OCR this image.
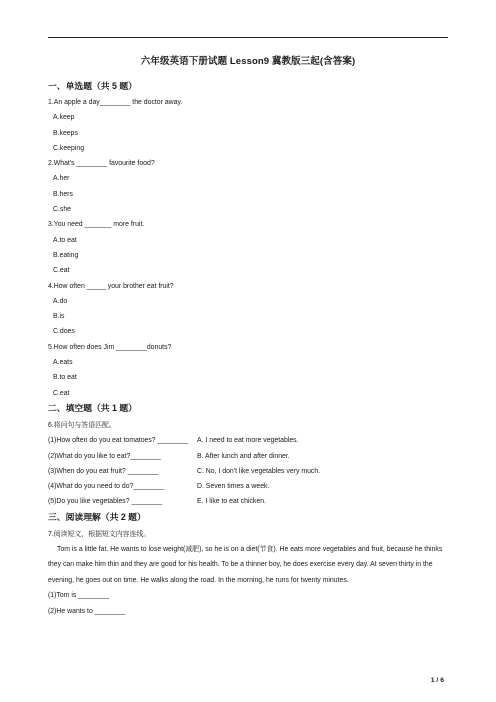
六年级英语下册试题 Lesson9 冀教版三起(含答案)
一、单选题（共 5 题）
1.An apple a day________ the doctor away.
A.keep
B.keeps
C.keeping
2.What's ________ favourite food?
A.her
B.hers
C.she
3.You need _______ more fruit.
A.to eat
B.eating
C.eat
4.How often _____ your brother eat fruit?
A.do
B.is
C.does
5.How often does Jim ________donuts?
A.eats
B.to eat
C.eat
二、填空题（共 1 题）
6.将问句与答语匹配。
(1)How often do you eat tomatoes? ________	A. I need to eat more vegetables.
(2)What do you like to eat?________	B. After lunch and after dinner.
(3)When do you eat fruit? ________	C. No, I don't like vegetables very much.
(4)What do you need to do?________	D. Seven times a week.
(5)Do you like vegetables? ________	E. I like to eat chicken.
三、阅读理解（共 2 题）
7.阅读短文，根据短文内容连线。

Tom is a little fat. He wants to lose weight(减肥), so he is on a diet(节食). He eats more vegetables and fruit, because he thinks they can make him thin and they are good for his health. To be a thinner boy, he does exercise every day. At seven thirty in the evening, he goes out on time. He walks along the road. In the morning, he runs for twenty minutes.

(1)Tom is ________
(2)He wants to ________
1 / 6
